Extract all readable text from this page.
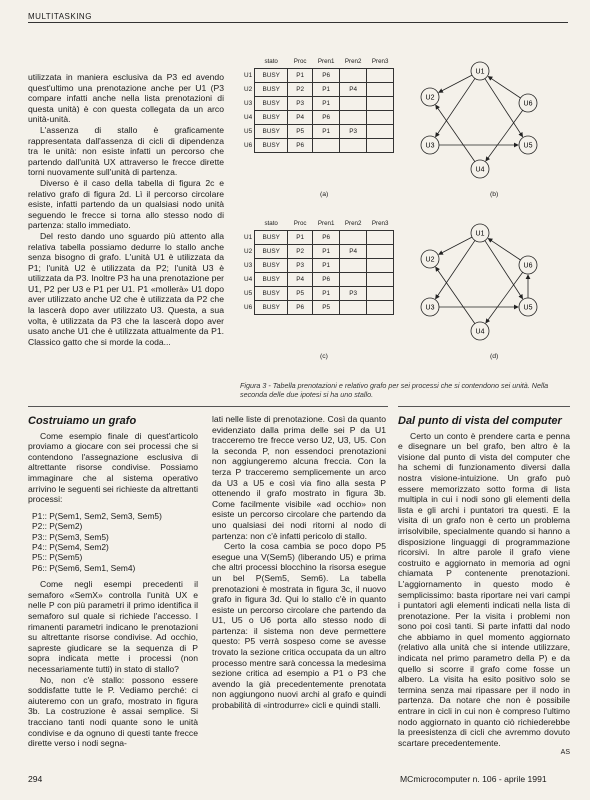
MULTITASKING

utilizzata in maniera esclusiva da P3 ed avendo quest'ultimo una prenotazione anche per U1 (P3 compare infatti anche nella lista prenotazioni di questa unità) è con questa collegata da un arco unità-unità.

L'assenza di stallo è graficamente rappresentata dall'assenza di cicli di dipendenza tra le unità: non esiste infatti un percorso che partendo dall'unità UX attraverso le frecce dirette torni nuovamente sull'unità di partenza.

Diverso è il caso della tabella di figura 2c e relativo grafo di figura 2d. Lì il percorso circolare esiste, infatti partendo da un qualsiasi nodo unità seguendo le frecce si torna allo stesso nodo di partenza: stallo immediato.

Del resto dando uno sguardo più attento alla relativa tabella possiamo dedurre lo stallo anche senza bisogno di grafo. L'unità U1 è utilizzata da P1; l'unità U2 è utilizzata da P2; l'unità U3 è utilizzata da P3. Inoltre P3 ha una prenotazione per U1, P2 per U3 e P1 per U1. P1 «mollerà» U1 dopo aver utilizzato anche U2 che è utilizzata da P2 che la lascerà dopo aver utilizzato U3. Questa, a sua volta, è utilizzata da P3 che la lascerà dopo aver usato anche U1 che è utilizzata attualmente da P1. Classico gatto che si morde la coda...

	stato	Proc	Pren1	Pren2	Pren3
U1	BUSY	P1	P6		
U2	BUSY	P2	P1	P4	
U3	BUSY	P3	P1		
U4	BUSY	P4	P6		
U5	BUSY	P5	P1	P3	
U6	BUSY	P6			
(a)	(b)
	stato	Proc	Pren1	Pren2	Pren3
U1	BUSY	P1	P6		
U2	BUSY	P2	P1	P4	
U3	BUSY	P3	P1		
U4	BUSY	P4	P6		
U5	BUSY	P5	P1	P3	
U6	BUSY	P6	P5		
(c)	(d)
U1
U2
U3
U4
U5
U6
U1
U2
U3
U4
U5
U6
Figura 3 - Tabella prenotazioni e relativo grafo per sei processi che si contendono sei unità. Nella seconda delle due ipotesi si ha uno stallo.
Costruiamo un grafo

Come esempio finale di quest'articolo proviamo a giocare con sei processi che si contendono l'assegnazione esclusiva di altrettante risorse condivise. Possiamo immaginare che al sistema operativo arrivino le seguenti sei richieste da altrettanti processi:

P1:: P(Sem1, Sem2, Sem3, Sem5)
P2:: P(Sem2)
P3:: P(Sem3, Sem5)
P4:: P(Sem4, Sem2)
P5:: P(Sem5)
P6:: P(Sem6, Sem1, Sem4)

Come negli esempi precedenti il semaforo «SemX» controlla l'unità UX e nelle P con più parametri il primo identifica il semaforo sul quale si richiede l'accesso. I rimanenti parametri indicano le prenotazioni su altrettante risorse condivise. Ad occhio, sapreste giudicare se la sequenza di P sopra indicata mette i processi (non necessariamente tutti) in stato di stallo?

No, non c'è stallo: possono essere soddisfatte tutte le P. Vediamo perché: ci aiuteremo con un grafo, mostrato in figura 3b. La costruzione è assai semplice. Si tracciano tanti nodi quante sono le unità condivise e da ognuno di questi tante frecce dirette verso i nodi segna-

lati nelle liste di prenotazione. Così da quanto evidenziato dalla prima delle sei P da U1 tracceremo tre frecce verso U2, U3, U5. Con la seconda P, non essendoci prenotazioni non aggiungeremo alcuna freccia. Con la terza P tracceremo semplicemente un arco da U3 a U5 e così via fino alla sesta P ottenendo il grafo mostrato in figura 3b. Come facilmente visibile «ad occhio» non esiste un percorso circolare che partendo da uno qualsiasi dei nodi ritorni al nodo di partenza: non c'è infatti pericolo di stallo.

Certo la cosa cambia se poco dopo P5 esegue una V(Sem5) (liberando U5) e prima che altri processi blocchino la risorsa esegue un bel P(Sem5, Sem6). La tabella prenotazioni è mostrata in figura 3c, il nuovo grafo in figura 3d. Qui lo stallo c'è in quanto esiste un percorso circolare che partendo da U1, U5 o U6 porta allo stesso nodo di partenza: il sistema non deve permettere questo: P5 verrà sospeso come se avesse trovato la sezione critica occupata da un altro processo mentre sarà concessa la medesima sezione critica ad esempio a P1 o P3 che avendo la già precedentemente prenotata non aggiungono nuovi archi al grafo e quindi probabilità di «introdurre» cicli e quindi stalli.

Dal punto di vista del computer

Certo un conto è prendere carta e penna e disegnare un bel grafo, ben altro è la visione dal punto di vista del computer che ha schemi di funzionamento diversi dalla nostra visione-intuizione. Un grafo può essere memorizzato sotto forma di lista multipla in cui i nodi sono gli elementi della lista e gli archi i puntatori tra questi. E la visita di un grafo non è certo un problema irrisolvibile, specialmente quando si hanno a disposizione linguaggi di programmazione ricorsivi. In altre parole il grafo viene costruito e aggiornato in memoria ad ogni chiamata P contenente prenotazioni. L'aggiornamento in questo modo è semplicissimo: basta riportare nei vari campi i puntatori agli elementi indicati nella lista di prenotazione. Per la visita i problemi non sono poi così tanti. Si parte infatti dal nodo che abbiamo in quel momento aggiornato (relativo alla unità che si intende utilizzare, indicata nel primo parametro della P) e da quello si scorre il grafo come fosse un albero. La visita ha esito positivo solo se termina senza mai ripassare per il nodo in partenza. Da notare che non è possibile entrare in cicli in cui non è compreso l'ultimo nodo aggiornato in quanto ciò richiederebbe la preesistenza di cicli che avremmo dovuto scartare precedentemente.

AS
294	MCmicrocomputer n. 106 - aprile 1991
